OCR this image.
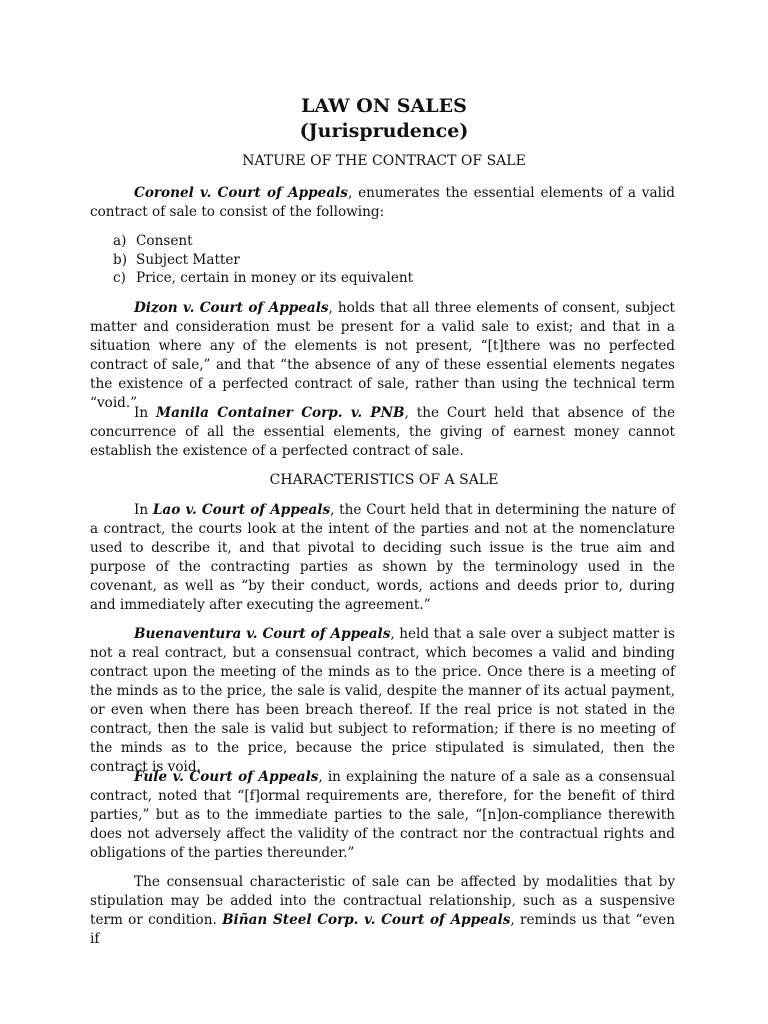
LAW ON SALES
(Jurisprudence)
NATURE OF THE CONTRACT OF SALE

Coronel v. Court of Appeals, enumerates the essential elements of a valid contract of sale to consist of the following:

a) Consent
b) Subject Matter
c) Price, certain in money or its equivalent

Dizon v. Court of Appeals, holds that all three elements of consent, subject matter and consideration must be present for a valid sale to exist; and that in a situation where any of the elements is not present, “[t]there was no perfected contract of sale,” and that “the absence of any of these essential elements negates the existence of a perfected contract of sale, rather than using the technical term “void.”

In Manila Container Corp. v. PNB, the Court held that absence of the concurrence of all the essential elements, the giving of earnest money cannot establish the existence of a perfected contract of sale.

CHARACTERISTICS OF A SALE

In Lao v. Court of Appeals, the Court held that in determining the nature of a contract, the courts look at the intent of the parties and not at the nomenclature used to describe it, and that pivotal to deciding such issue is the true aim and purpose of the contracting parties as shown by the terminology used in the covenant, as well as “by their conduct, words, actions and deeds prior to, during and immediately after executing the agreement.”

Buenaventura v. Court of Appeals, held that a sale over a subject matter is not a real contract, but a consensual contract, which becomes a valid and binding contract upon the meeting of the minds as to the price. Once there is a meeting of the minds as to the price, the sale is valid, despite the manner of its actual payment, or even when there has been breach thereof. If the real price is not stated in the contract, then the sale is valid but subject to reformation; if there is no meeting of the minds as to the price, because the price stipulated is simulated, then the contract is void.

Fule v. Court of Appeals, in explaining the nature of a sale as a consensual contract, noted that “[f]ormal requirements are, therefore, for the benefit of third parties,” but as to the immediate parties to the sale, “[n]on-compliance therewith does not adversely affect the validity of the contract nor the contractual rights and obligations of the parties thereunder.”

The consensual characteristic of sale can be affected by modalities that by stipulation may be added into the contractual relationship, such as a suspensive term or condition. Biñan Steel Corp. v. Court of Appeals, reminds us that “even if
